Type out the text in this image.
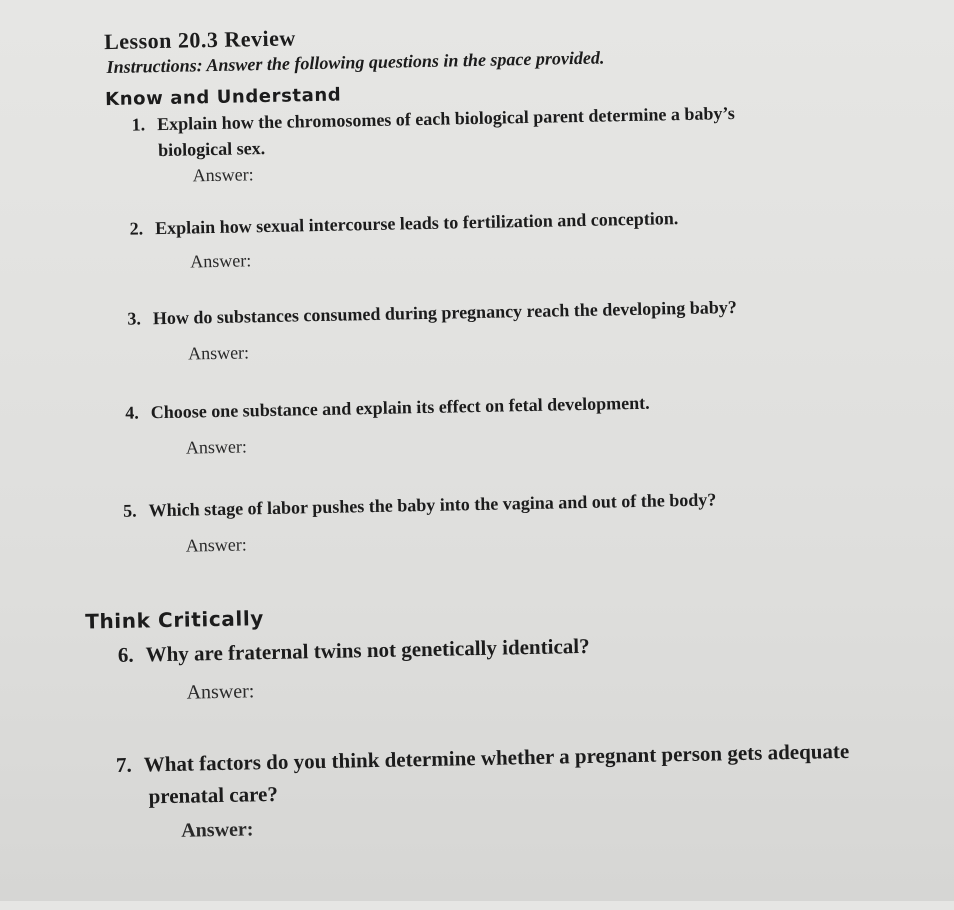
Lesson 20.3 Review
Instructions: Answer the following questions in the space provided.
Know and Understand
1. Explain how the chromosomes of each biological parent determine a baby’s
biological sex.
Answer:
2. Explain how sexual intercourse leads to fertilization and conception.
Answer:
3. How do substances consumed during pregnancy reach the developing baby?
Answer:
4. Choose one substance and explain its effect on fetal development.
Answer:
5. Which stage of labor pushes the baby into the vagina and out of the body?
Answer:
Think Critically
6. Why are fraternal twins not genetically identical?
Answer:
7. What factors do you think determine whether a pregnant person gets adequate
prenatal care?
Answer:
